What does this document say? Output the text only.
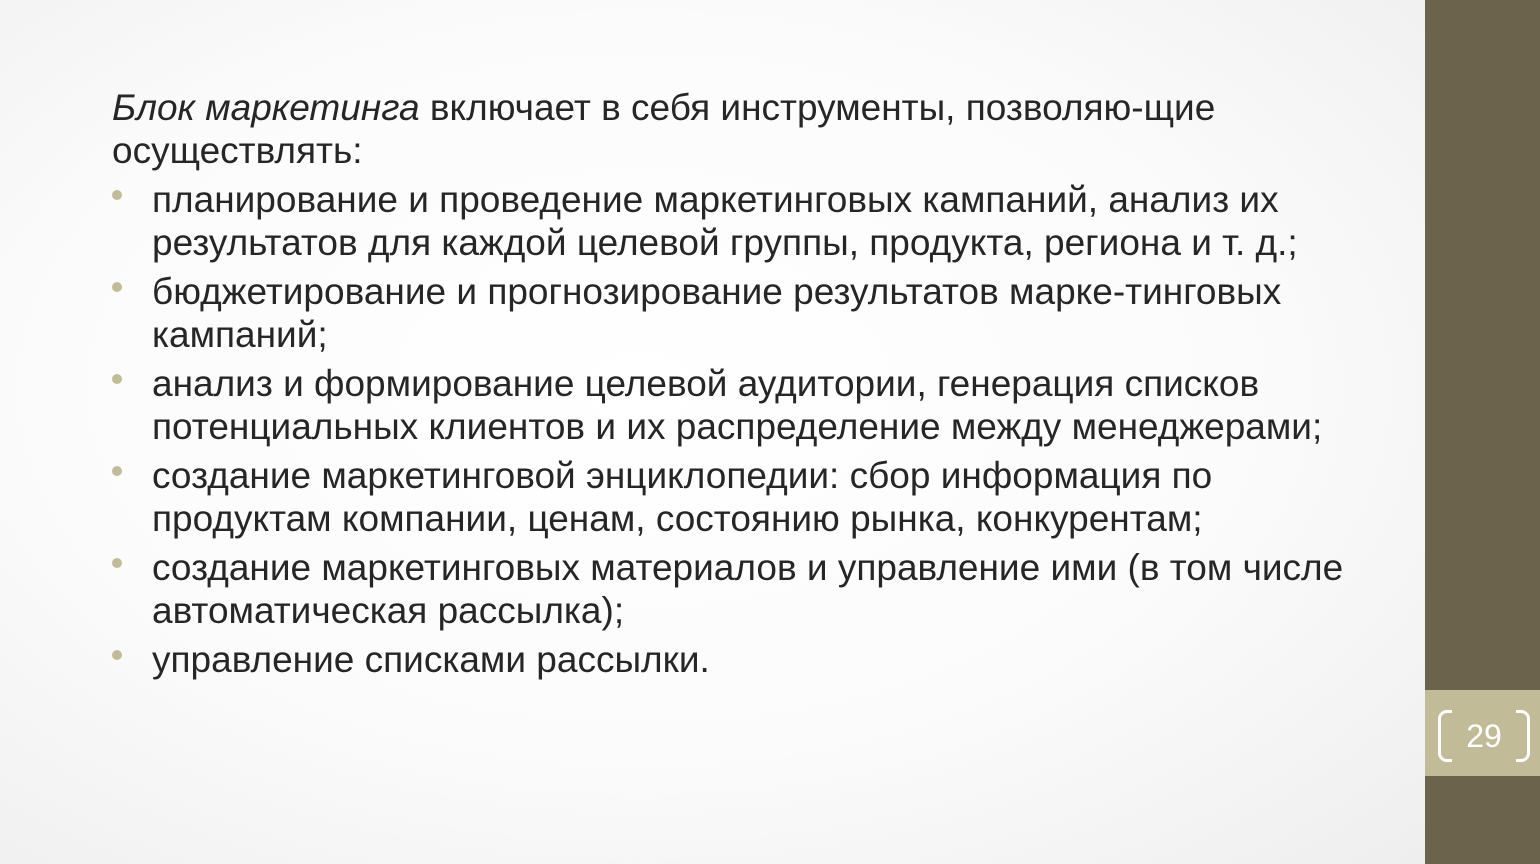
29

Блок маркетинга включает в себя инструменты, позволяю-щие осуществлять:

планирование и проведение маркетинговых кампаний, анализ их результатов для каждой целевой группы, продукта, региона и т. д.;
бюджетирование и прогнозирование результатов марке-тинговых кампаний;
анализ и формирование целевой аудитории, генерация списков потенциальных клиентов и их распределение между менеджерами;
создание маркетинговой энциклопедии: сбор информация по продуктам компании, ценам, состоянию рынка, конкурентам;
создание маркетинговых материалов и управление ими (в том числе автоматическая рассылка);
управление списками рассылки.
